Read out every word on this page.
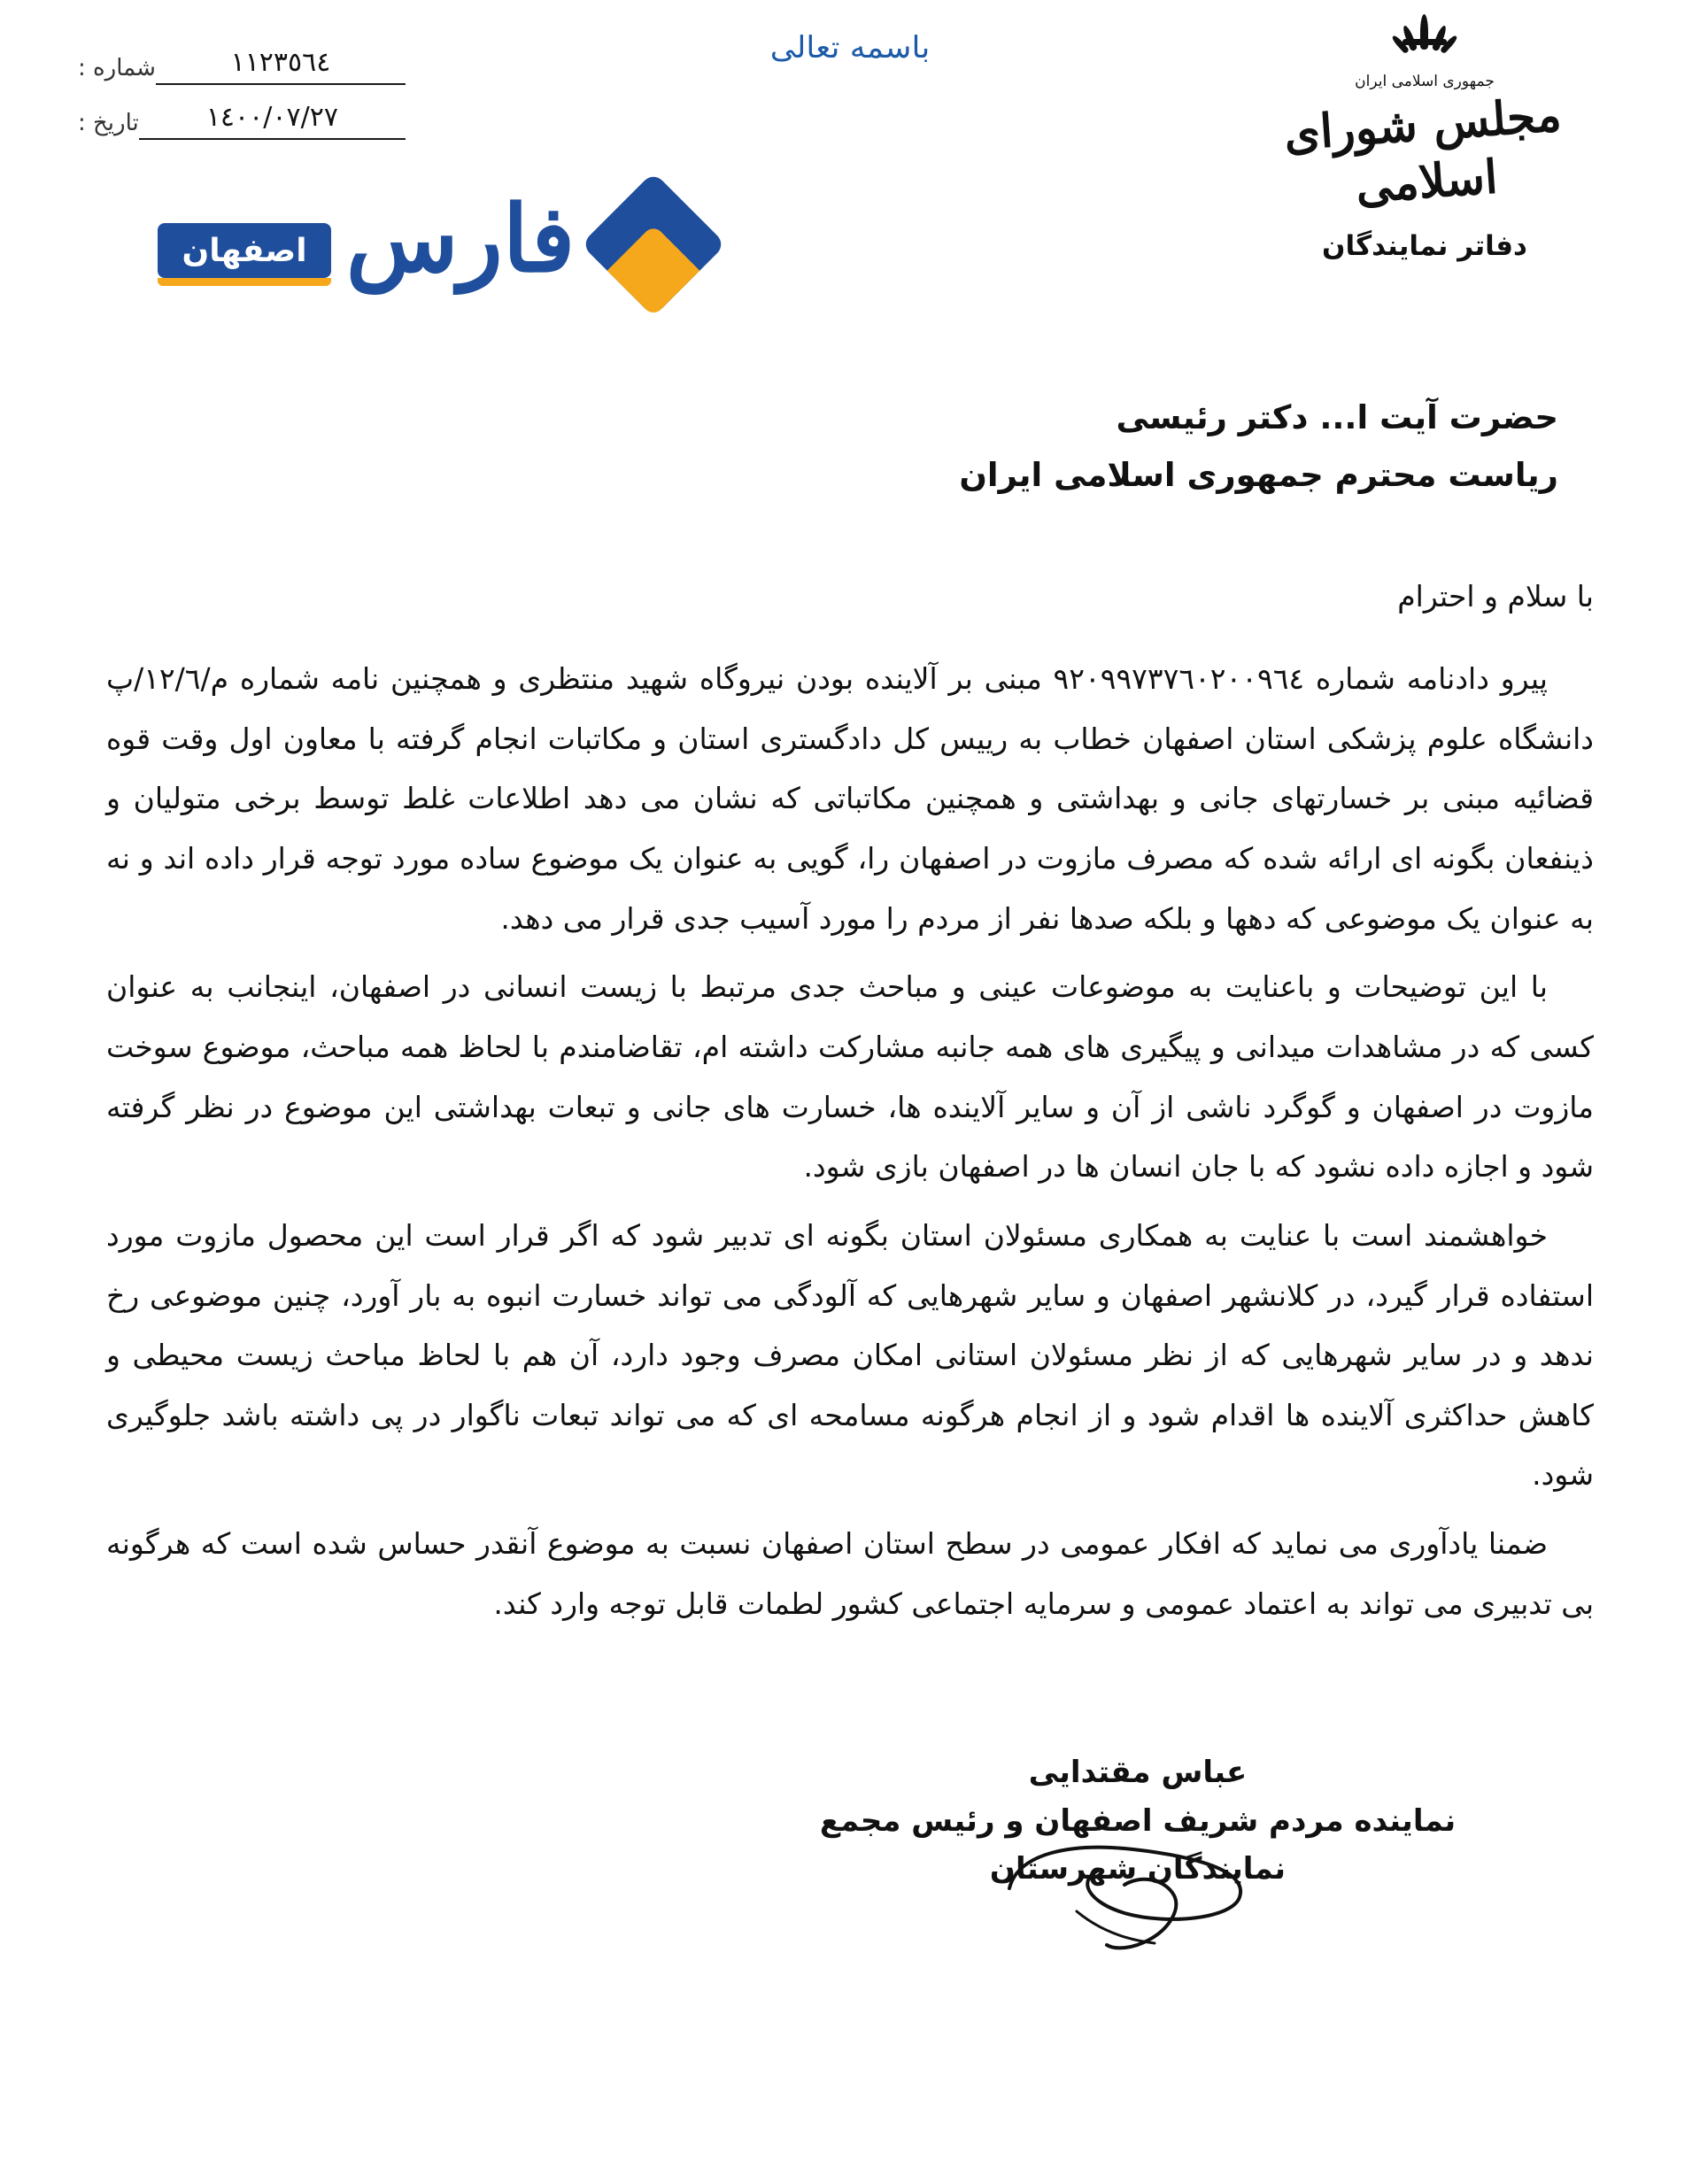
١١٢٣٥٦٤
شماره :
١٤٠٠/٠٧/٢٧
تاریخ :
باسمه تعالی
جمهوری اسلامی ایران
مجلس شورای اسلامی
دفاتر نمایندگان
فارس
اصفهان
حضرت آیت ا... دکتر رئیسی
ریاست محترم جمهوری اسلامی ایران
با سلام و احترام

پیرو دادنامه شماره ٩٢٠٩٩٧٣٧٦٠٢٠٠٩٦٤ مبنی بر آلاینده بودن نیروگاه شهید منتظری و همچنین نامه شماره م/١٢/٦/پ دانشگاه علوم پزشکی استان اصفهان خطاب به رییس کل دادگستری استان و مکاتبات انجام گرفته با معاون اول وقت قوه قضائیه مبنی بر خسارتهای جانی و بهداشتی و همچنین مکاتباتی که نشان می دهد اطلاعات غلط توسط برخی متولیان و ذینفعان بگونه ای ارائه شده که مصرف مازوت در اصفهان را، گویی به عنوان یک موضوع ساده مورد توجه قرار داده اند و نه به عنوان یک موضوعی که دهها و بلکه صدها نفر از مردم را مورد آسیب جدی قرار می دهد.

با این توضیحات و باعنایت به موضوعات عینی و مباحث جدی مرتبط با زیست انسانی در اصفهان، اینجانب به عنوان کسی که در مشاهدات میدانی و پیگیری های همه جانبه مشارکت داشته ام، تقاضامندم با لحاظ همه مباحث، موضوع سوخت مازوت در اصفهان و گوگرد ناشی از آن و سایر آلاینده ها، خسارت های جانی و تبعات بهداشتی این موضوع در نظر گرفته شود و اجازه داده نشود که با جان انسان ها در اصفهان بازی شود.

خواهشمند است با عنایت به همکاری مسئولان استان بگونه ای تدبیر شود که اگر قرار است این محصول مازوت مورد استفاده قرار گیرد، در کلانشهر اصفهان و سایر شهرهایی که آلودگی می تواند خسارت انبوه به بار آورد، چنین موضوعی رخ ندهد و در سایر شهرهایی که از نظر مسئولان استانی امکان مصرف وجود دارد، آن هم با لحاظ مباحث زیست محیطی و کاهش حداکثری آلاینده ها اقدام شود و از انجام هرگونه مسامحه ای که می تواند تبعات ناگوار در پی داشته باشد جلوگیری شود.

ضمنا یادآوری می نماید که افکار عمومی در سطح استان اصفهان نسبت به موضوع آنقدر حساس شده است که هرگونه بی تدبیری می تواند به اعتماد عمومی و سرمایه اجتماعی کشور لطمات قابل توجه وارد کند.

عباس مقتدایی
نماینده مردم شریف اصفهان و رئیس مجمع
نمایندگان شهرستان
